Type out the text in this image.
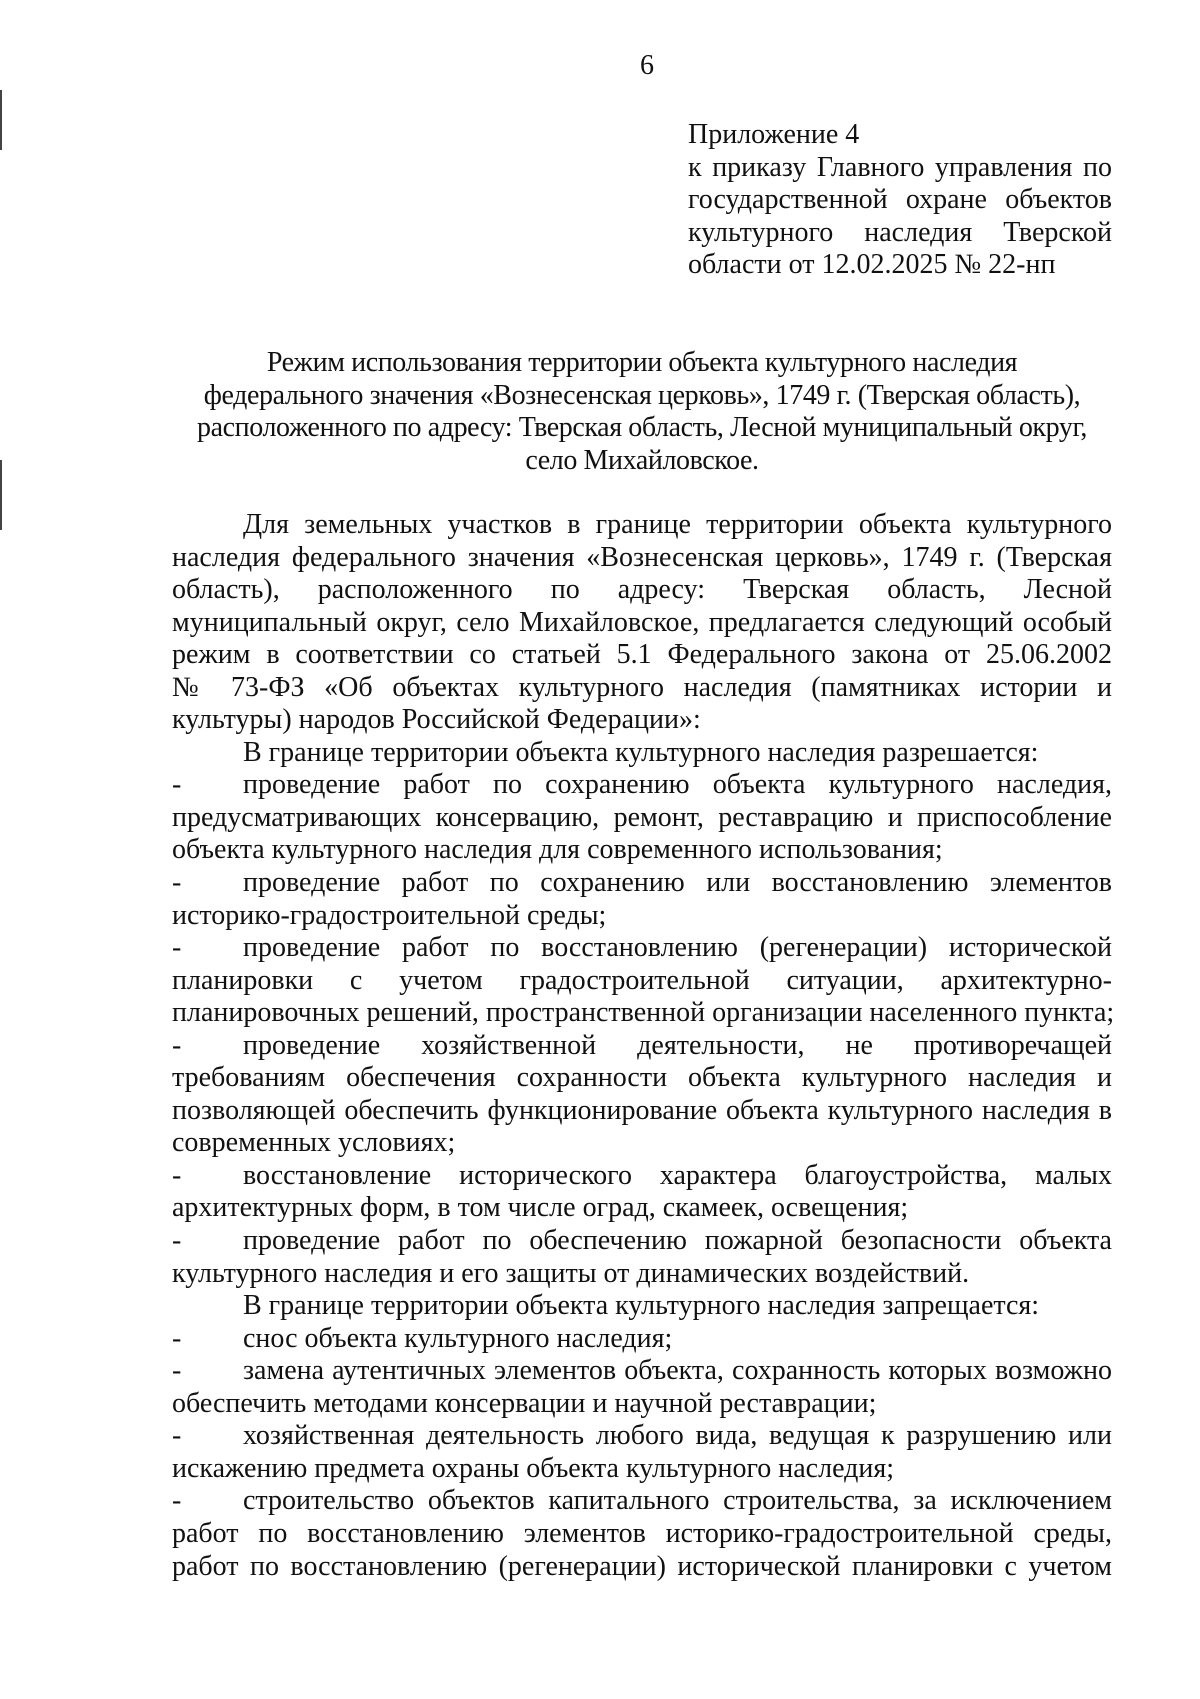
6
Приложение 4
к приказу Главного управления по
государственной охране объектов
культурного наследия Тверской
области от 12.02.2025 № 22-нп
Режим использования территории объекта культурного наследия
федерального значения «Вознесенская церковь», 1749 г. (Тверская область),
расположенного по адресу: Тверская область, Лесной муниципальный округ,
село Михайловское.
Для земельных участков в границе территории объекта культурного
наследия федерального значения «Вознесенская церковь», 1749 г. (Тверская
область), расположенного по адресу: Тверская область, Лесной
муниципальный округ, село Михайловское, предлагается следующий особый
режим в соответствии со статьей 5.1 Федерального закона от 25.06.2002
№ 73-ФЗ «Об объектах культурного наследия (памятниках истории и
культуры) народов Российской Федерации»:
В границе территории объекта культурного наследия разрешается:
- проведение работ по сохранению объекта культурного наследия,
предусматривающих консервацию, ремонт, реставрацию и приспособление
объекта культурного наследия для современного использования;
- проведение работ по сохранению или восстановлению элементов
историко-градостроительной среды;
- проведение работ по восстановлению (регенерации) исторической
планировки с учетом градостроительной ситуации, архитектурно-
планировочных решений, пространственной организации населенного пункта;
- проведение хозяйственной деятельности, не противоречащей
требованиям обеспечения сохранности объекта культурного наследия и
позволяющей обеспечить функционирование объекта культурного наследия в
современных условиях;
- восстановление исторического характера благоустройства, малых
архитектурных форм, в том числе оград, скамеек, освещения;
- проведение работ по обеспечению пожарной безопасности объекта
культурного наследия и его защиты от динамических воздействий.
В границе территории объекта культурного наследия запрещается:
- снос объекта культурного наследия;
- замена аутентичных элементов объекта, сохранность которых возможно
обеспечить методами консервации и научной реставрации;
- хозяйственная деятельность любого вида, ведущая к разрушению или
искажению предмета охраны объекта культурного наследия;
- строительство объектов капитального строительства, за исключением
работ по восстановлению элементов историко-градостроительной среды,
работ по восстановлению (регенерации) исторической планировки с учетом
